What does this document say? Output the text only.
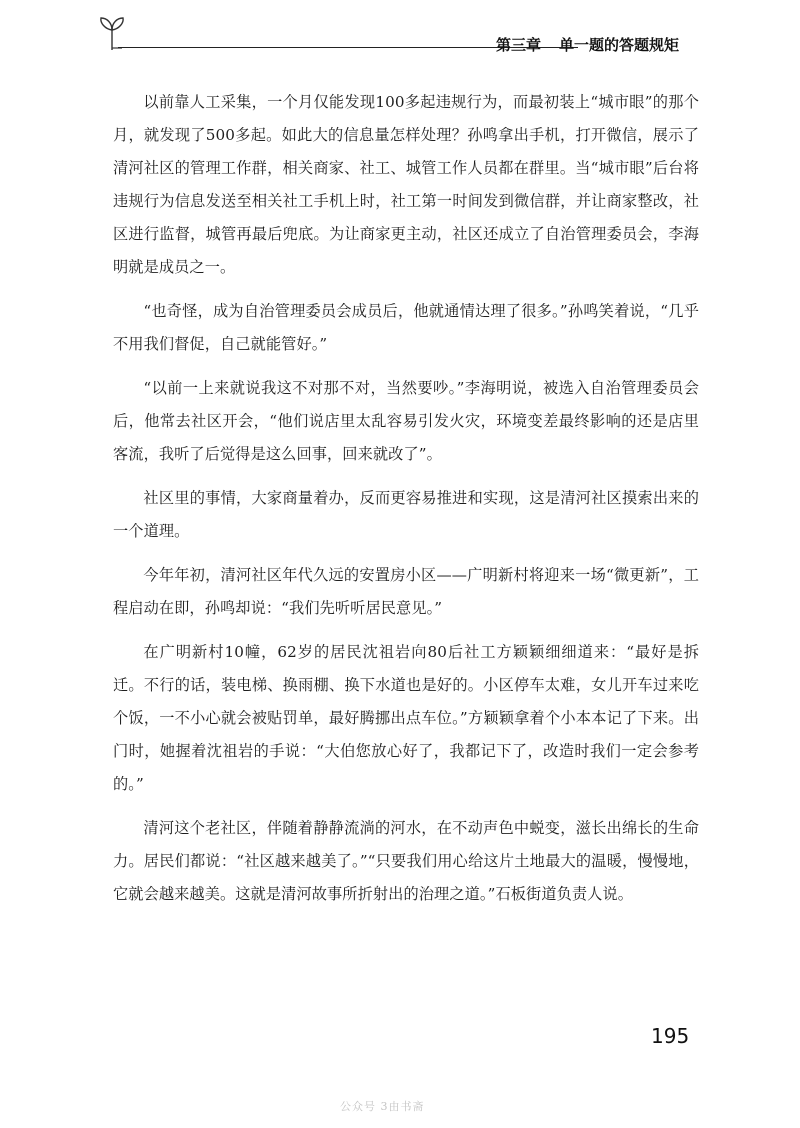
第三章 单一题的答题规矩

以前靠人工采集，一个月仅能发现100多起违规行为，而最初装上“城市眼”的那个月，就发现了500多起。如此大的信息量怎样处理？孙鸣拿出手机，打开微信，展示了清河社区的管理工作群，相关商家、社工、城管工作人员都在群里。当“城市眼”后台将违规行为信息发送至相关社工手机上时，社工第一时间发到微信群，并让商家整改，社区进行监督，城管再最后兜底。为让商家更主动，社区还成立了自治管理委员会，李海明就是成员之一。

“也奇怪，成为自治管理委员会成员后，他就通情达理了很多。”孙鸣笑着说，“几乎不用我们督促，自己就能管好。”

“以前一上来就说我这不对那不对，当然要吵。”李海明说，被选入自治管理委员会后，他常去社区开会，“他们说店里太乱容易引发火灾，环境变差最终影响的还是店里客流，我听了后觉得是这么回事，回来就改了”。

社区里的事情，大家商量着办，反而更容易推进和实现，这是清河社区摸索出来的一个道理。

今年年初，清河社区年代久远的安置房小区——广明新村将迎来一场“微更新”，工程启动在即，孙鸣却说：“我们先听听居民意见。”

在广明新村10幢，62岁的居民沈祖岩向80后社工方颖颖细细道来：“最好是拆迁。不行的话，装电梯、换雨棚、换下水道也是好的。小区停车太难，女儿开车过来吃个饭，一不小心就会被贴罚单，最好腾挪出点车位。”方颖颖拿着个小本本记了下来。出门时，她握着沈祖岩的手说：“大伯您放心好了，我都记下了，改造时我们一定会参考的。”

清河这个老社区，伴随着静静流淌的河水，在不动声色中蜕变，滋长出绵长的生命力。居民们都说：“社区越来越美了。”“只要我们用心给这片土地最大的温暖，慢慢地，它就会越来越美。这就是清河故事所折射出的治理之道。”石板街道负责人说。

195
公众号 3由书斋
